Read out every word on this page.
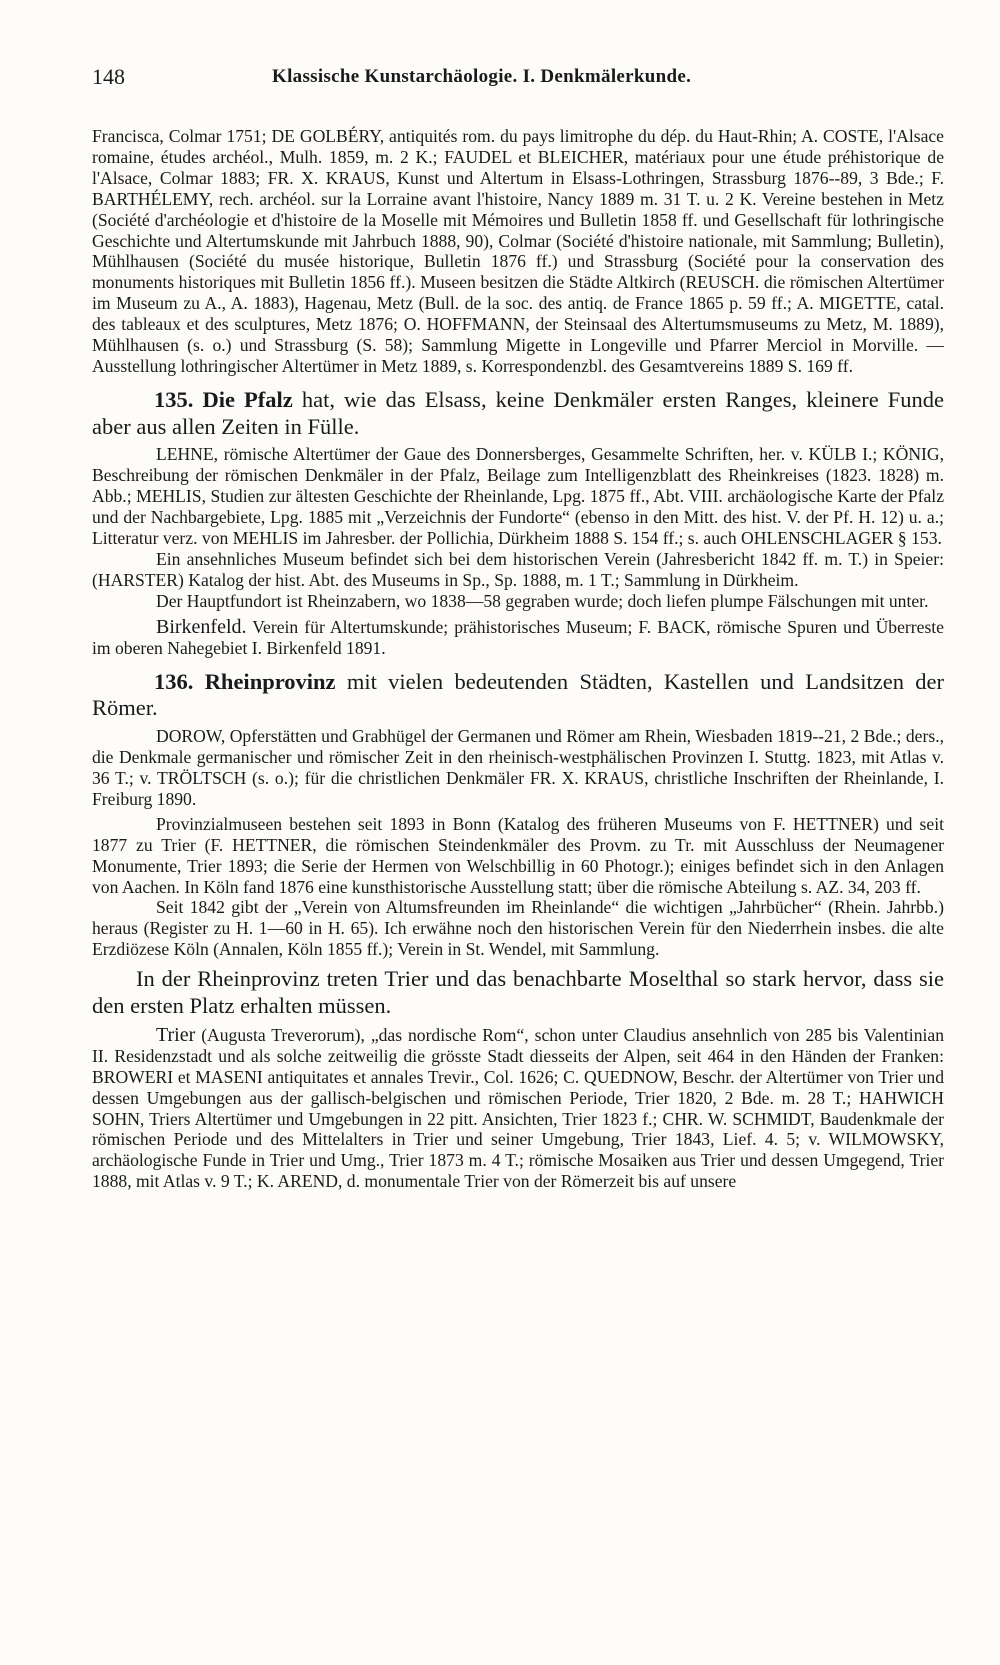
148	Klassische Kunstarchäologie. I. Denkmälerkunde.

Francisca, Colmar 1751; DE GOLBÉRY, antiquités rom. du pays limitrophe du dép. du Haut-Rhin; A. COSTE, l'Alsace romaine, études archéol., Mulh. 1859, m. 2 K.; FAUDEL et BLEICHER, matériaux pour une étude préhistorique de l'Alsace, Colmar 1883; FR. X. KRAUS, Kunst und Altertum in Elsass-Lothringen, Strassburg 1876--89, 3 Bde.; F. BARTHÉLEMY, rech. archéol. sur la Lorraine avant l'histoire, Nancy 1889 m. 31 T. u. 2 K. Vereine bestehen in Metz (Société d'archéologie et d'histoire de la Moselle mit Mémoires und Bulletin 1858 ff. und Gesellschaft für lothringische Geschichte und Altertumskunde mit Jahrbuch 1888, 90), Colmar (Société d'histoire nationale, mit Sammlung; Bulletin), Mühlhausen (Société du musée historique, Bulletin 1876 ff.) und Strassburg (Société pour la conservation des monuments historiques mit Bulletin 1856 ff.). Museen besitzen die Städte Altkirch (REUSCH. die römischen Altertümer im Museum zu A., A. 1883), Hagenau, Metz (Bull. de la soc. des antiq. de France 1865 p. 59 ff.; A. MIGETTE, catal. des tableaux et des sculptures, Metz 1876; O. HOFFMANN, der Steinsaal des Altertumsmuseums zu Metz, M. 1889), Mühlhausen (s. o.) und Strassburg (S. 58); Sammlung Migette in Longeville und Pfarrer Merciol in Morville. — Ausstellung lothringischer Altertümer in Metz 1889, s. Korrespondenzbl. des Gesamtvereins 1889 S. 169 ff.

135. Die Pfalz hat, wie das Elsass, keine Denkmäler ersten Ranges, kleinere Funde aber aus allen Zeiten in Fülle.

LEHNE, römische Altertümer der Gaue des Donnersberges, Gesammelte Schriften, her. v. KÜLB I.; KÖNIG, Beschreibung der römischen Denkmäler in der Pfalz, Beilage zum Intelligenzblatt des Rheinkreises (1823. 1828) m. Abb.; MEHLIS, Studien zur ältesten Geschichte der Rheinlande, Lpg. 1875 ff., Abt. VIII. archäologische Karte der Pfalz und der Nachbargebiete, Lpg. 1885 mit „Verzeichnis der Fundorte“ (ebenso in den Mitt. des hist. V. der Pf. H. 12) u. a.; Litteratur verz. von MEHLIS im Jahresber. der Pollichia, Dürkheim 1888 S. 154 ff.; s. auch OHLENSCHLAGER § 153.

Ein ansehnliches Museum befindet sich bei dem historischen Verein (Jahresbericht 1842 ff. m. T.) in Speier: (HARSTER) Katalog der hist. Abt. des Museums in Sp., Sp. 1888, m. 1 T.; Sammlung in Dürkheim.

Der Hauptfundort ist Rheinzabern, wo 1838—58 gegraben wurde; doch liefen plumpe Fälschungen mit unter.

Birkenfeld. Verein für Altertumskunde; prähistorisches Museum; F. BACK, römische Spuren und Überreste im oberen Nahegebiet I. Birkenfeld 1891.

136. Rheinprovinz mit vielen bedeutenden Städten, Kastellen und Landsitzen der Römer.

DOROW, Opferstätten und Grabhügel der Germanen und Römer am Rhein, Wiesbaden 1819--21, 2 Bde.; ders., die Denkmale germanischer und römischer Zeit in den rheinisch-westphälischen Provinzen I. Stuttg. 1823, mit Atlas v. 36 T.; v. TRÖLTSCH (s. o.); für die christlichen Denkmäler FR. X. KRAUS, christliche Inschriften der Rheinlande, I. Freiburg 1890.

Provinzialmuseen bestehen seit 1893 in Bonn (Katalog des früheren Museums von F. HETTNER) und seit 1877 zu Trier (F. HETTNER, die römischen Steindenkmäler des Provm. zu Tr. mit Ausschluss der Neumagener Monumente, Trier 1893; die Serie der Hermen von Welschbillig in 60 Photogr.); einiges befindet sich in den Anlagen von Aachen. In Köln fand 1876 eine kunsthistorische Ausstellung statt; über die römische Abteilung s. AZ. 34, 203 ff.

Seit 1842 gibt der „Verein von Altumsfreunden im Rheinlande“ die wichtigen „Jahrbücher“ (Rhein. Jahrbb.) heraus (Register zu H. 1—60 in H. 65). Ich erwähne noch den historischen Verein für den Niederrhein insbes. die alte Erzdiözese Köln (Annalen, Köln 1855 ff.); Verein in St. Wendel, mit Sammlung.

In der Rheinprovinz treten Trier und das benachbarte Moselthal so stark hervor, dass sie den ersten Platz erhalten müssen.

Trier (Augusta Treverorum), „das nordische Rom“, schon unter Claudius ansehnlich von 285 bis Valentinian II. Residenzstadt und als solche zeitweilig die grösste Stadt diesseits der Alpen, seit 464 in den Händen der Franken: BROWERI et MASENI antiquitates et annales Trevir., Col. 1626; C. QUEDNOW, Beschr. der Altertümer von Trier und dessen Umgebungen aus der gallisch-belgischen und römischen Periode, Trier 1820, 2 Bde. m. 28 T.; HAHWICH SOHN, Triers Altertümer und Umgebungen in 22 pitt. Ansichten, Trier 1823 f.; CHR. W. SCHMIDT, Baudenkmale der römischen Periode und des Mittelalters in Trier und seiner Umgebung, Trier 1843, Lief. 4. 5; v. WILMOWSKY, archäologische Funde in Trier und Umg., Trier 1873 m. 4 T.; römische Mosaiken aus Trier und dessen Umgegend, Trier 1888, mit Atlas v. 9 T.; K. AREND, d. monumentale Trier von der Römerzeit bis auf unsere
